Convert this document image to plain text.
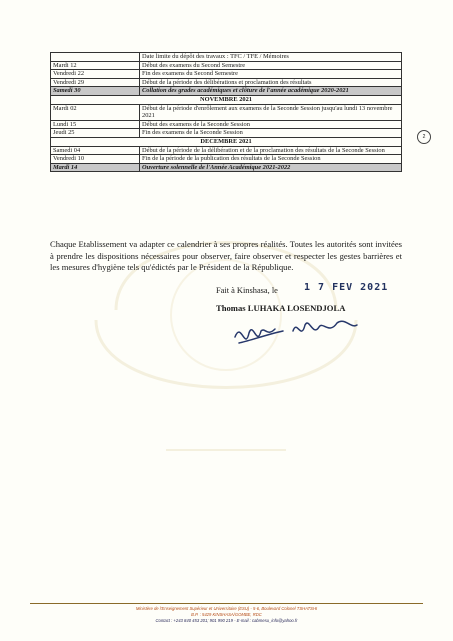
	Date limite du dépôt des travaux : TFC / TFE / Mémoires
Mardi 12	Début des examens du Second Semestre
Vendredi 22	Fin des examens du Second Semestre
Vendredi 29	Début de la période des délibérations et proclamation des résultats
Samedi 30	Collation des grades académiques et clôture de l'année académique 2020-2021
NOVEMBRE 2021	
Mardi 02	Début de la période d'enrôlement aux examens de la Seconde Session jusqu'au lundi 13 novembre 2021
Lundi 15	Début des examens de la Seconde Session
Jeudi 25	Fin des examens de la Seconde Session
DECEMBRE 2021	
Samedi 04	Début de la période de la délibération et de la proclamation des résultats de la Seconde Session
Vendredi 10	Fin de la période de la publication des résultats de la Seconde Session
Mardi 14	Ouverture solennelle de l'Année Académique 2021-2022
2
Chaque Etablissement va adapter ce calendrier à ses propres réalités. Toutes les autorités sont invitées à prendre les dispositions nécessaires pour observer, faire observer et respecter les gestes barrières et les mesures d'hygiène tels qu'édictés par le Président de la République.
Fait à Kinshasa, le	1 7 FEV 2021
Thomas LUHAKA LOSENDJOLA
Ministère de l'Enseignement Supérieur et Universitaire (ESU) - 5-6, Boulevard Colonel TSHATSHI
B.P. : 5429 KINSHASA/GOMBE, RDC
Contact : +243 840 453 201; 901 990 219 - E-mail : cabmesu_info@yahoo.fr
